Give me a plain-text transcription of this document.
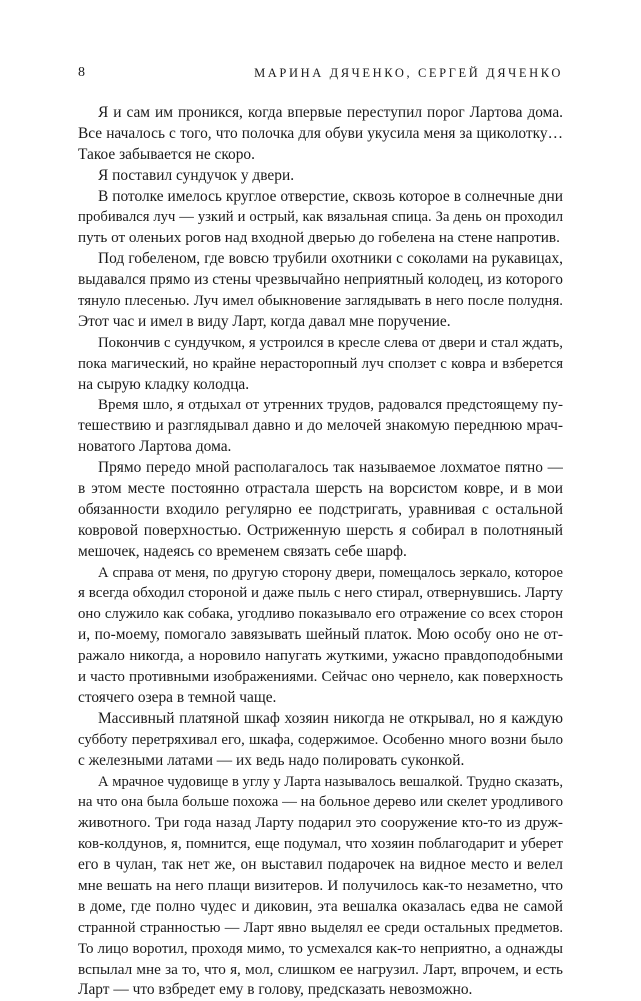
8	МАРИНА ДЯЧЕНКО, СЕРГЕЙ ДЯЧЕНКО
Я и сам им проникся, когда впервые переступил порог Лартова дома.
Все началось с того, что полочка для обуви укусила меня за щиколотку…
Такое забывается не скоро.
Я поставил сундучок у двери.
В потолке имелось круглое отверстие, сквозь которое в солнечные дни
пробивался луч — узкий и острый, как вязальная спица. За день он проходил
путь от оленьих рогов над входной дверью до гобелена на стене напротив.
Под гобеленом, где вовсю трубили охотники с соколами на рукавицах,
выдавался прямо из стены чрезвычайно неприятный колодец, из которого
тянуло плесенью. Луч имел обыкновение заглядывать в него после полудня.
Этот час и имел в виду Ларт, когда давал мне поручение.
Покончив с сундучком, я устроился в кресле слева от двери и стал ждать,
пока магический, но крайне нерасторопный луч сползет с ковра и взберется
на сырую кладку колодца.
Время шло, я отдыхал от утренних трудов, радовался предстоящему пу-
тешествию и разглядывал давно и до мелочей знакомую переднюю мрач-
новатого Лартова дома.
Прямо передо мной располагалось так называемое лохматое пятно —
в этом месте постоянно отрастала шерсть на ворсистом ковре, и в мои
обязанности входило регулярно ее подстригать, уравнивая с остальной
ковровой поверхностью. Остриженную шерсть я собирал в полотняный
мешочек, надеясь со временем связать себе шарф.
А справа от меня, по другую сторону двери, помещалось зеркало, которое
я всегда обходил стороной и даже пыль с него стирал, отвернувшись. Ларту
оно служило как собака, угодливо показывало его отражение со всех сторон
и, по-моему, помогало завязывать шейный платок. Мою особу оно не от-
ражало никогда, а норовило напугать жуткими, ужасно правдоподобными
и часто противными изображениями. Сейчас оно чернело, как поверхность
стоячего озера в темной чаще.
Массивный платяной шкаф хозяин никогда не открывал, но я каждую
субботу перетряхивал его, шкафа, содержимое. Особенно много возни было
с железными латами — их ведь надо полировать суконкой.
А мрачное чудовище в углу у Ларта называлось вешалкой. Трудно сказать,
на что она была больше похожа — на больное дерево или скелет уродливого
животного. Три года назад Ларту подарил это сооружение кто-то из друж-
ков-колдунов, я, помнится, еще подумал, что хозяин поблагодарит и уберет
его в чулан, так нет же, он выставил подарочек на видное место и велел
мне вешать на него плащи визитеров. И получилось как-то незаметно, что
в доме, где полно чудес и диковин, эта вешалка оказалась едва не самой
странной странностью — Ларт явно выделял ее среди остальных предметов.
То лицо воротил, проходя мимо, то усмехался как-то неприятно, а однажды
вспылал мне за то, что я, мол, слишком ее нагрузил. Ларт, впрочем, и есть
Ларт — что взбредет ему в голову, предсказать невозможно.
